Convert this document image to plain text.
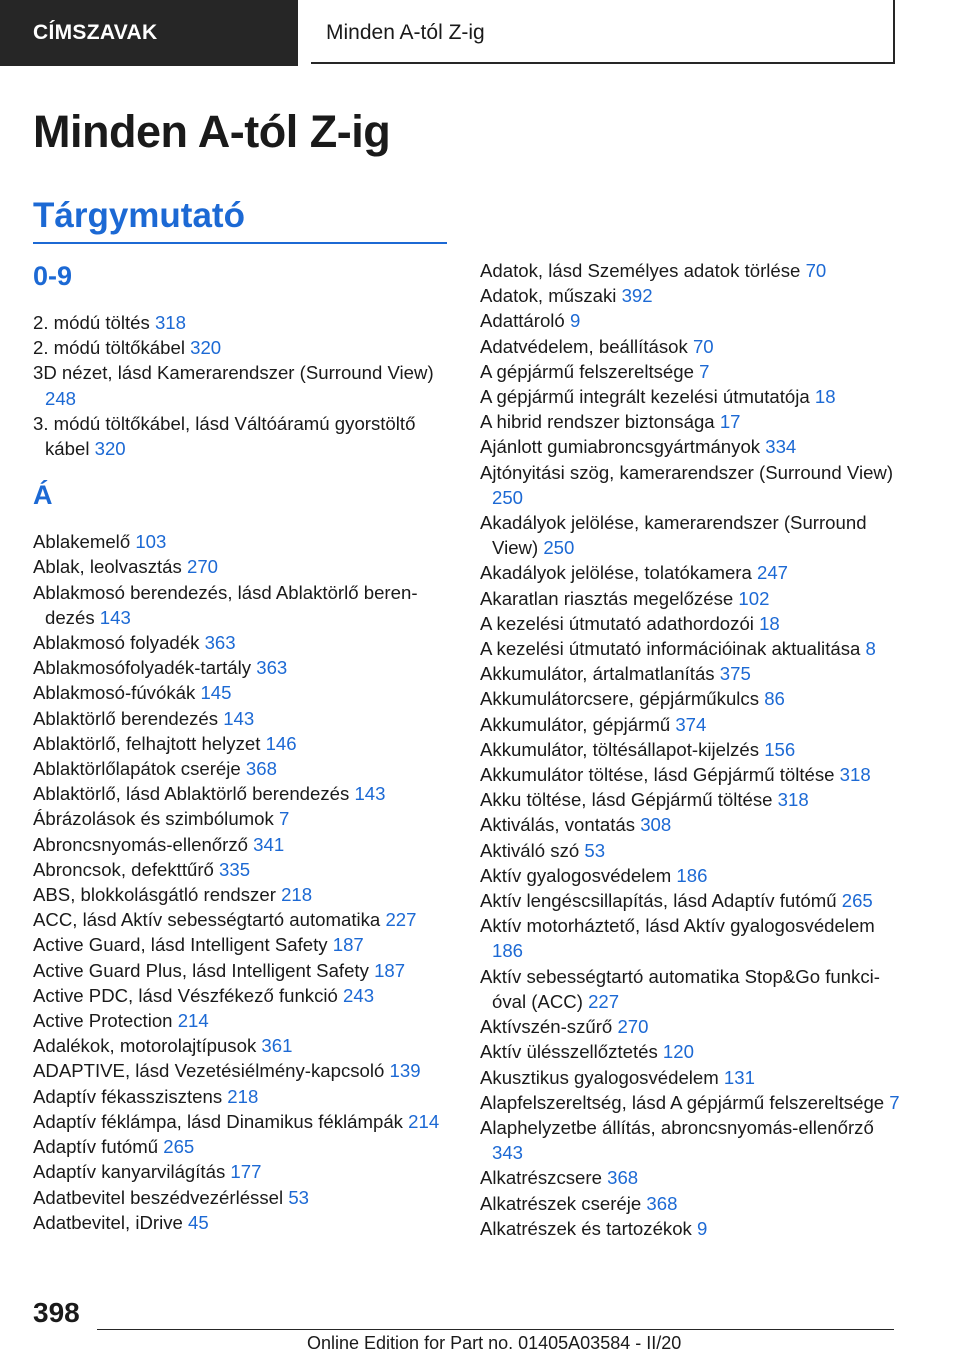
CÍMSZAVAK	Minden A-tól Z-ig
Minden A-tól Z-ig
Tárgymutató
0-9

2. módú töltés 318

2. módú töltőkábel 320

3D nézet, lásd Kamerarendszer (Surround View) 248

3. módú töltőkábel, lásd Váltóáramú gyorstöltő kábel 320

Á

Ablakemelő 103

Ablak, leolvasztás 270

Ablakmosó berendezés, lásd Ablaktörlő berendezés 143

Ablakmosó folyadék 363

Ablakmosófolyadék-tartály 363

Ablakmosó-fúvókák 145

Ablaktörlő berendezés 143

Ablaktörlő, felhajtott helyzet 146

Ablaktörlőlapátok cseréje 368

Ablaktörlő, lásd Ablaktörlő berendezés 143

Ábrázolások és szimbólumok 7

Abroncsnyomás-ellenőrző 341

Abroncsok, defekttűrő 335

ABS, blokkolásgátló rendszer 218

ACC, lásd Aktív sebességtartó automatika 227

Active Guard, lásd Intelligent Safety 187

Active Guard Plus, lásd Intelligent Safety 187

Active PDC, lásd Vészfékező funkció 243

Active Protection 214

Adalékok, motorolajtípusok 361

ADAPTIVE, lásd Vezetésiélmény-kapcsoló 139

Adaptív fékasszisztens 218

Adaptív féklámpa, lásd Dinamikus féklámpák 214

Adaptív futómű 265

Adaptív kanyarvilágítás 177

Adatbevitel beszédvezérléssel 53

Adatbevitel, iDrive 45

Adatok, lásd Személyes adatok törlése 70

Adatok, műszaki 392

Adattároló 9

Adatvédelem, beállítások 70

A gépjármű felszereltsége 7

A gépjármű integrált kezelési útmutatója 18

A hibrid rendszer biztonsága 17

Ajánlott gumiabroncsgyártmányok 334

Ajtónyitási szög, kamerarendszer (Surround View) 250

Akadályok jelölése, kamerarendszer (Surround View) 250

Akadályok jelölése, tolatókamera 247

Akaratlan riasztás megelőzése 102

A kezelési útmutató adathordozói 18

A kezelési útmutató információinak aktualitása 8

Akkumulátor, ártalmatlanítás 375

Akkumulátorcsere, gépjárműkulcs 86

Akkumulátor, gépjármű 374

Akkumulátor, töltésállapot-kijelzés 156

Akkumulátor töltése, lásd Gépjármű töltése 318

Akku töltése, lásd Gépjármű töltése 318

Aktiválás, vontatás 308

Aktiváló szó 53

Aktív gyalogosvédelem 186

Aktív lengéscsillapítás, lásd Adaptív futómű 265

Aktív motorháztető, lásd Aktív gyalogosvédelem 186

Aktív sebességtartó automatika Stop&Go funkcióval (ACC) 227

Aktívszén-szűrő 270

Aktív ülésszellőztetés 120

Akusztikus gyalogosvédelem 131

Alapfelszereltség, lásd A gépjármű felszereltsége 7

Alaphelyzetbe állítás, abroncsnyomás-ellenőrző 343

Alkatrészcsere 368

Alkatrészek cseréje 368

Alkatrészek és tartozékok 9

398
Online Edition for Part no. 01405A03584 - II/20
